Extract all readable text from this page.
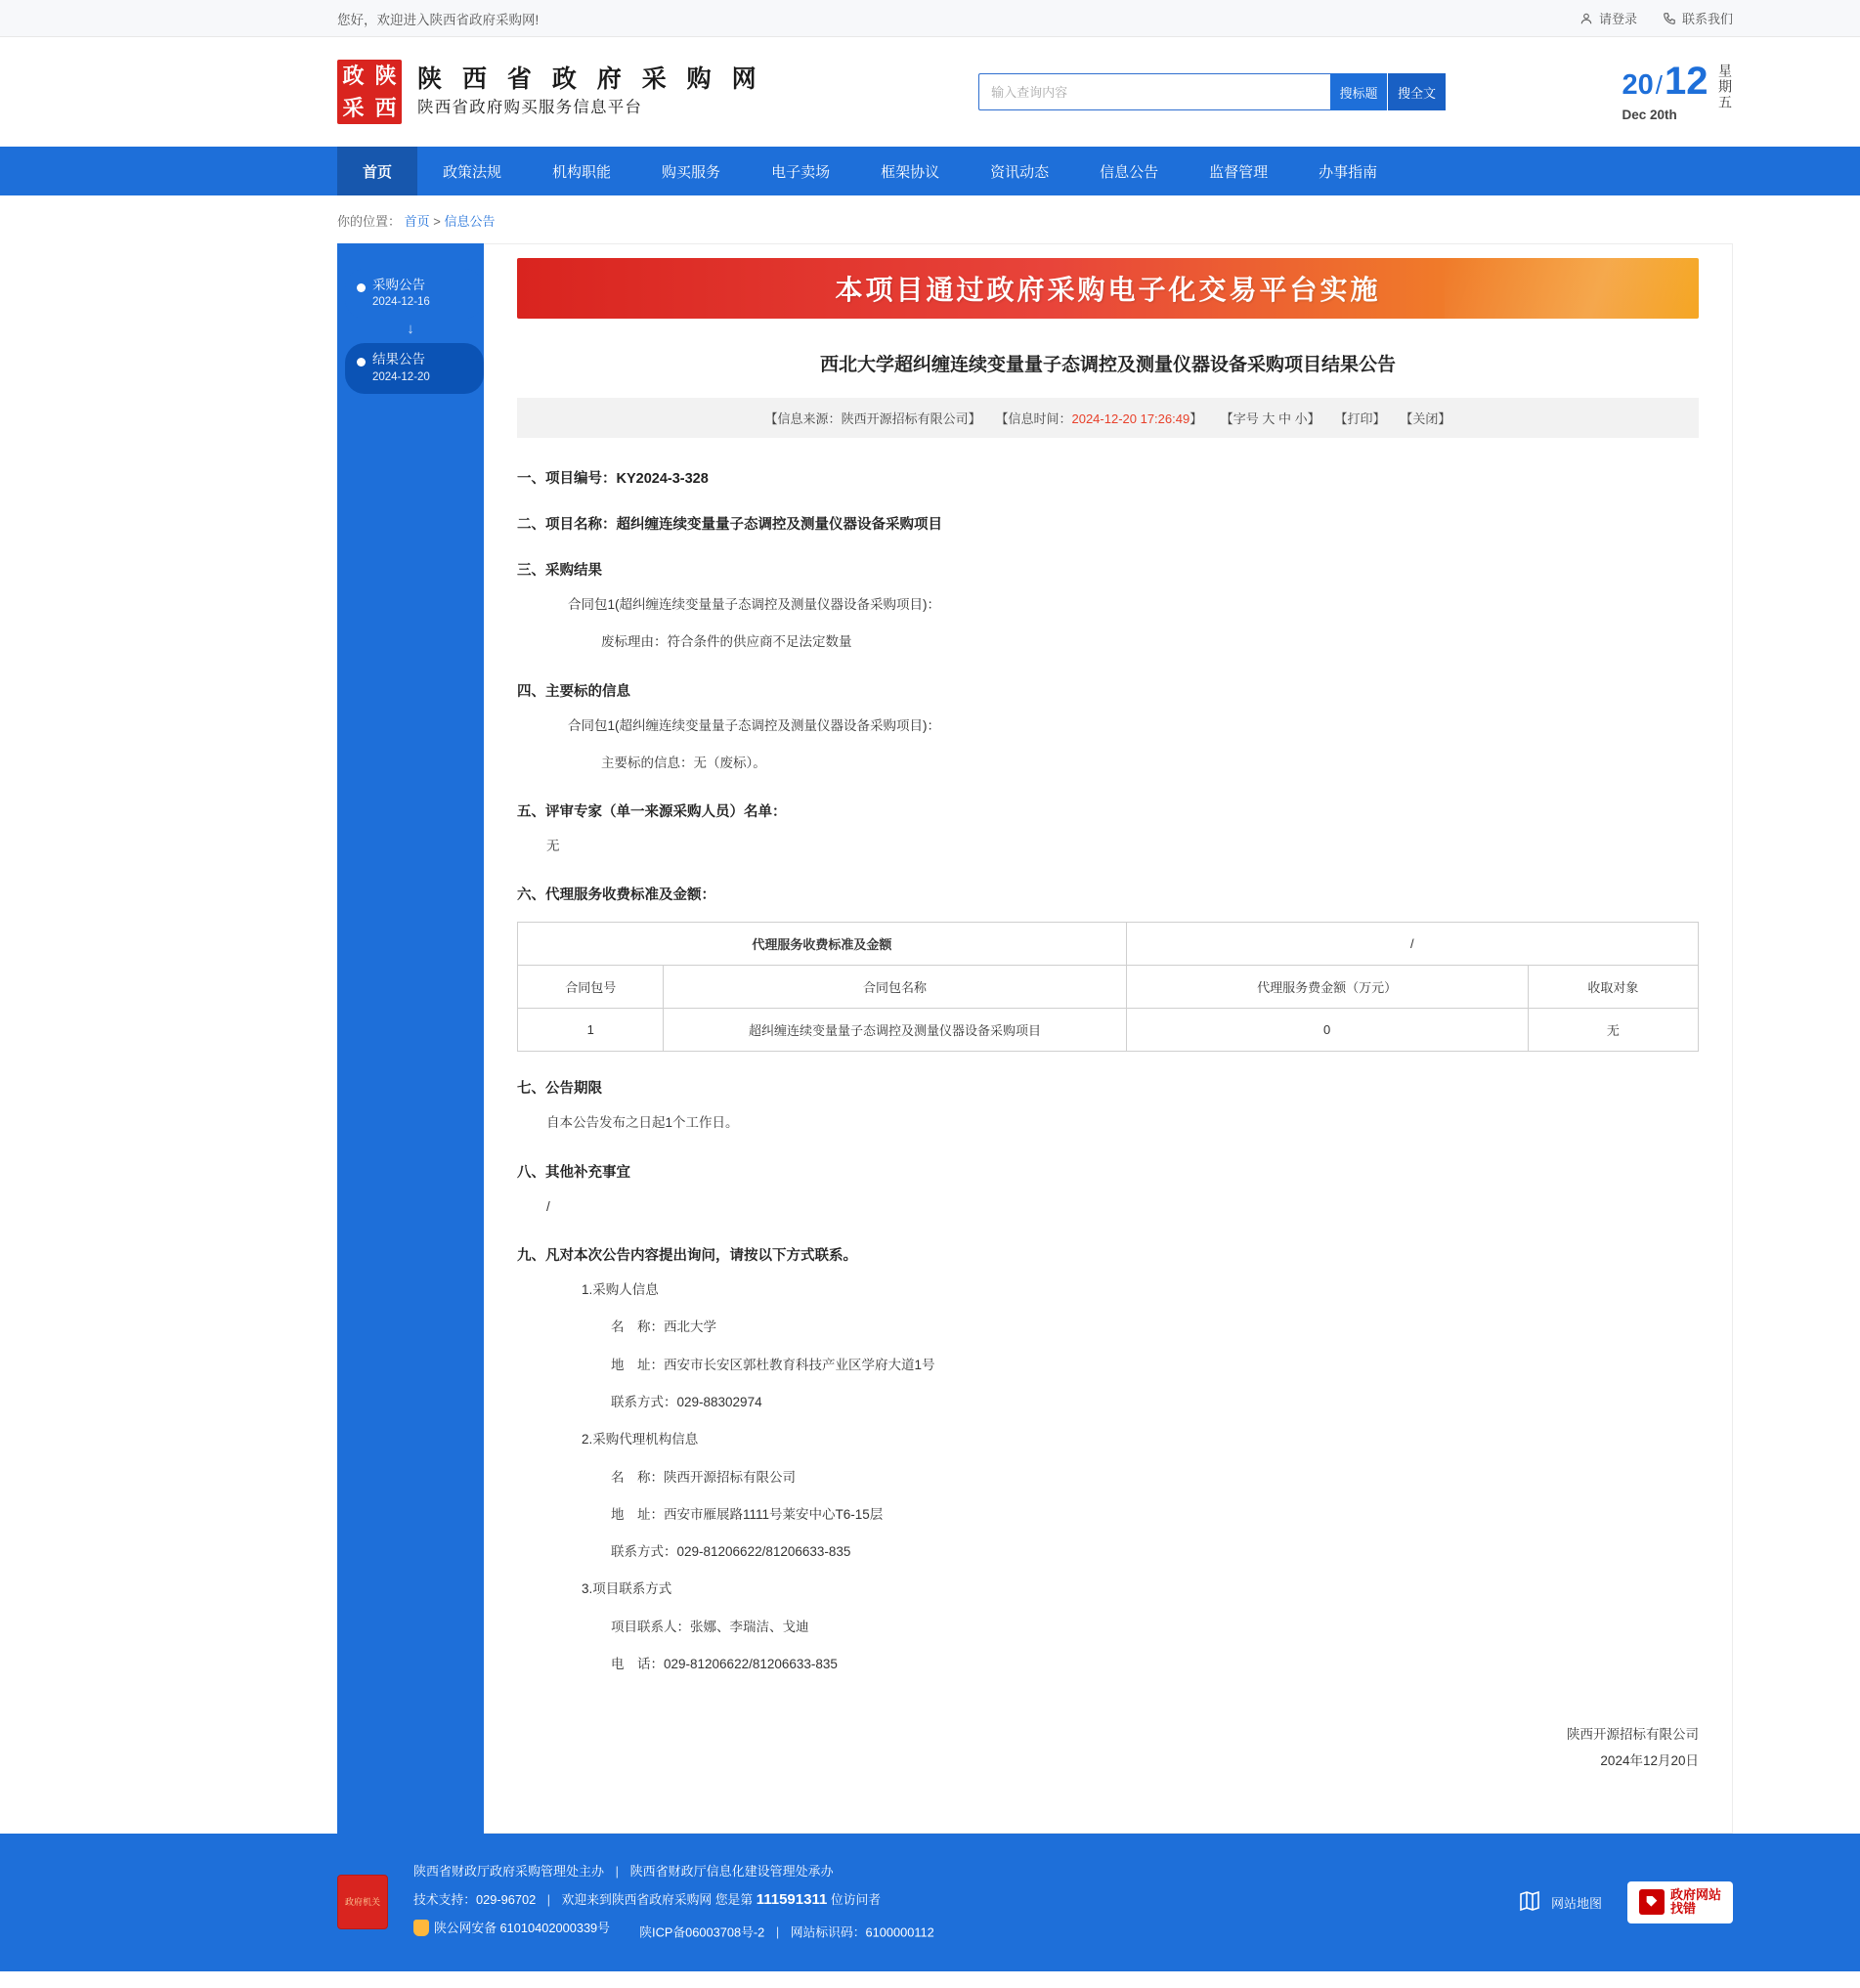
您好，欢迎进入陕西省政府采购网!	请登录	联系我们
政 陕
采 西
陕 西 省 政 府 采 购 网
陕西省政府购买服务信息平台
输入查询内容
搜标题	搜全文	20 / 12
Dec 20th
星期五
首页	政策法规	机构职能	购买服务	电子卖场	框架协议	资讯动态	信息公告	监督管理	办事指南
你的位置： 首页 > 信息公告
采购公告
2024-12-16
↓
结果公告
2024-12-20
本项目通过政府采购电子化交易平台实施
西北大学超纠缠连续变量量子态调控及测量仪器设备采购项目结果公告
【信息来源：陕西开源招标有限公司】 【信息时间：2024-12-20 17:26:49】 【字号 大 中 小】 【打印】 【关闭】
一、项目编号：KY2024-3-328
二、项目名称：超纠缠连续变量量子态调控及测量仪器设备采购项目
三、采购结果
合同包1(超纠缠连续变量量子态调控及测量仪器设备采购项目)：
废标理由：符合条件的供应商不足法定数量
四、主要标的信息
合同包1(超纠缠连续变量量子态调控及测量仪器设备采购项目)：
主要标的信息：无（废标）。
五、评审专家（单一来源采购人员）名单：
无
六、代理服务收费标准及金额：
代理服务收费标准及金额		/	
合同包号	合同包名称	代理服务费金额（万元）	收取对象
1	超纠缠连续变量量子态调控及测量仪器设备采购项目	0	无
七、公告期限
自本公告发布之日起1个工作日。
八、其他补充事宜
/
九、凡对本次公告内容提出询问，请按以下方式联系。
1.采购人信息
名　称：西北大学
地　址：西安市长安区郭杜教育科技产业区学府大道1号
联系方式：029-88302974
2.采购代理机构信息
名　称：陕西开源招标有限公司
地　址：西安市雁展路1111号莱安中心T6-15层
联系方式：029-81206622/81206633-835
3.项目联系方式
项目联系人：张娜、李瑞洁、戈迪
电　话：029-81206622/81206633-835
陕西开源招标有限公司
2024年12月20日
政府机关
陕西省财政厅政府采购管理处主办 | 陕西省财政厅信息化建设管理处承办
技术支持：029-96702 | 欢迎来到陕西省政府采购网 您是第 111591311 位访问者
陕公网安备 61010402000339号 陕ICP备06003708号-2 | 网站标识码：6100000112
网站地图
政府网站
找错
